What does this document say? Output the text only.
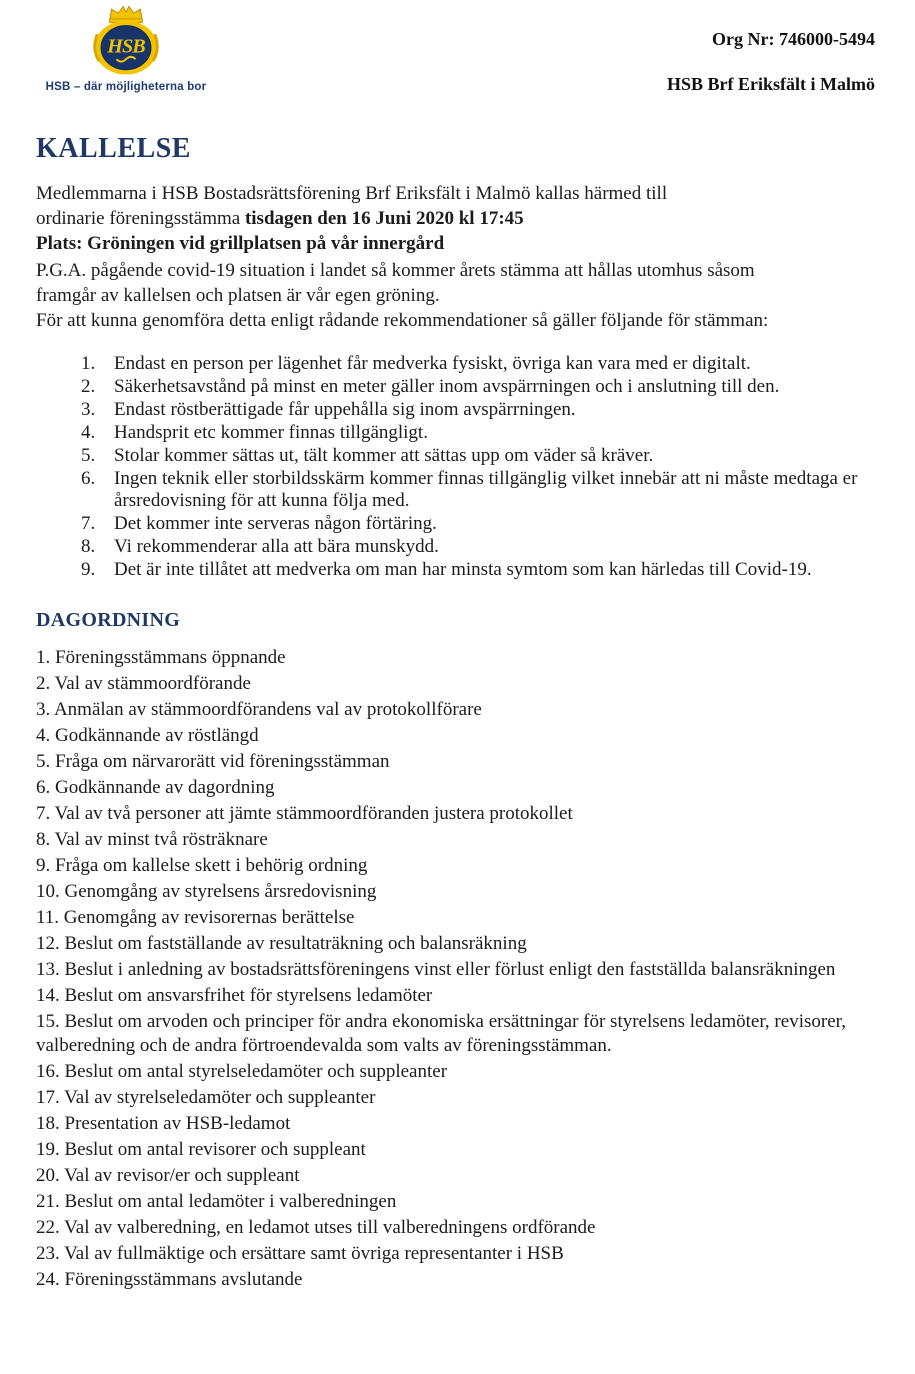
HSB
HSB – där möjligheterna bor

Org Nr: 746000-5494

HSB Brf Eriksfält i Malmö

KALLELSE
Medlemmarna i HSB Bostadsrättsförening Brf Eriksfält i Malmö kallas härmed till
ordinarie föreningsstämma tisdagen den 16 Juni 2020 kl 17:45
Plats: Gröningen vid grillplatsen på vår innergård
P.G.A. pågående covid-19 situation i landet så kommer årets stämma att hållas utomhus såsom
framgår av kallelsen och platsen är vår egen gröning.
För att kunna genomföra detta enligt rådande rekommendationer så gäller följande för stämman:
1. Endast en person per lägenhet får medverka fysiskt, övriga kan vara med er digitalt.
2. Säkerhetsavstånd på minst en meter gäller inom avspärrningen och i anslutning till den.
3. Endast röstberättigade får uppehålla sig inom avspärrningen.
4. Handsprit etc kommer finnas tillgängligt.
5. Stolar kommer sättas ut, tält kommer att sättas upp om väder så kräver.
6. Ingen teknik eller storbildsskärm kommer finnas tillgänglig vilket innebär att ni måste medtaga er årsredovisning för att kunna följa med.
7. Det kommer inte serveras någon förtäring.
8. Vi rekommenderar alla att bära munskydd.
9. Det är inte tillåtet att medverka om man har minsta symtom som kan härledas till Covid-19.
DAGORDNING
1. Föreningsstämmans öppnande
2. Val av stämmoordförande
3. Anmälan av stämmoordförandens val av protokollförare
4. Godkännande av röstlängd
5. Fråga om närvarorätt vid föreningsstämman
6. Godkännande av dagordning
7. Val av två personer att jämte stämmoordföranden justera protokollet
8. Val av minst två rösträknare
9. Fråga om kallelse skett i behörig ordning
10. Genomgång av styrelsens årsredovisning
11. Genomgång av revisorernas berättelse
12. Beslut om fastställande av resultaträkning och balansräkning
13. Beslut i anledning av bostadsrättsföreningens vinst eller förlust enligt den fastställda balansräkningen
14. Beslut om ansvarsfrihet för styrelsens ledamöter
15. Beslut om arvoden och principer för andra ekonomiska ersättningar för styrelsens ledamöter, revisorer, valberedning och de andra förtroendevalda som valts av föreningsstämman.
16. Beslut om antal styrelseledamöter och suppleanter
17. Val av styrelseledamöter och suppleanter
18. Presentation av HSB-ledamot
19. Beslut om antal revisorer och suppleant
20. Val av revisor/er och suppleant
21. Beslut om antal ledamöter i valberedningen
22. Val av valberedning, en ledamot utses till valberedningens ordförande
23. Val av fullmäktige och ersättare samt övriga representanter i HSB
24. Föreningsstämmans avslutande
